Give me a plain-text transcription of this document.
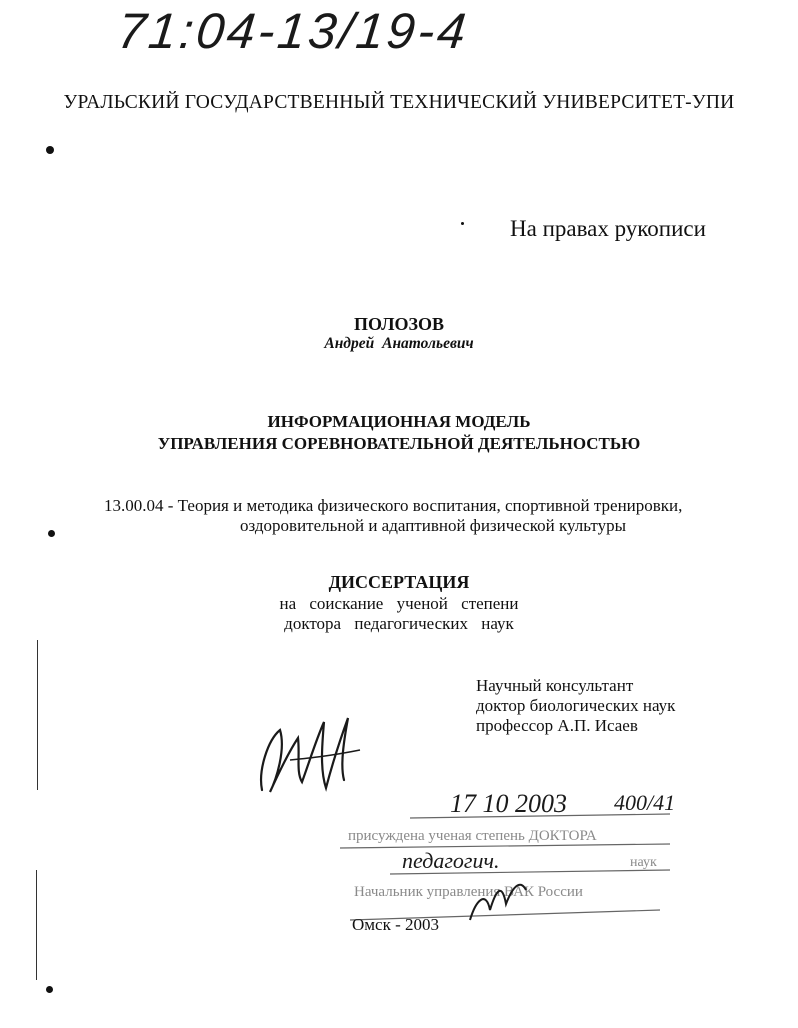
71:04-13/19-4
УРАЛЬСКИЙ ГОСУДАРСТВЕННЫЙ ТЕХНИЧЕСКИЙ УНИВЕРСИТЕТ-УПИ
На правах рукописи
ПОЛОЗОВ
Андрей Анатольевич
ИНФОРМАЦИОННАЯ МОДЕЛЬ
УПРАВЛЕНИЯ СОРЕВНОВАТЕЛЬНОЙ ДЕЯТЕЛЬНОСТЬЮ
13.00.04 - Теория и методика физического воспитания, спортивной тренировки,
оздоровительной и адаптивной физической культуры
ДИССЕРТАЦИЯ
на соискание ученой степени
доктора педагогических наук
Научный консультант
доктор биологических наук
профессор А.П. Исаев
17 10 2003 400/41
присуждена ученая степень ДОКТОРА
педагогич.	наук
Начальник управления ВАК России
Омск - 2003
